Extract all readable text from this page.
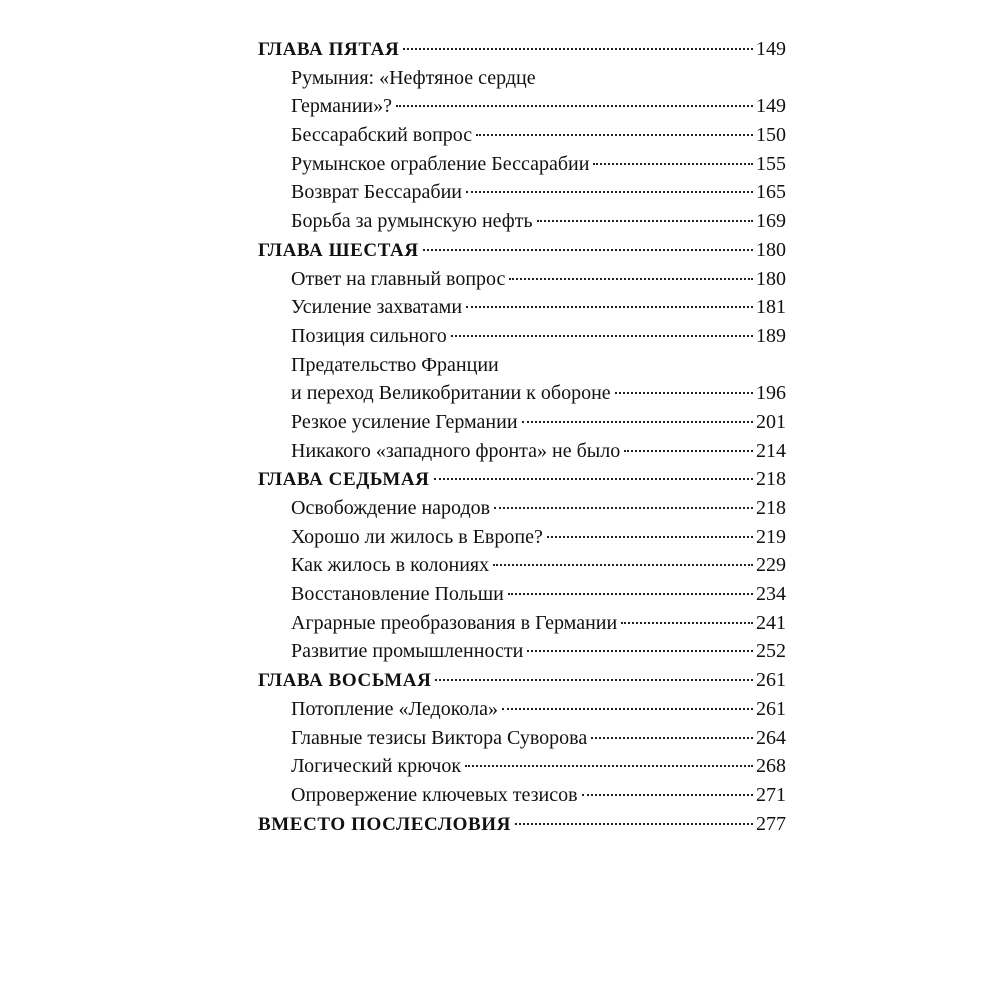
ГЛАВА ПЯТАЯ	149
Румыния: «Нефтяное сердце
Германии»?	149
Бессарабский вопрос	150
Румынское ограбление Бессарабии	155
Возврат Бессарабии	165
Борьба за румынскую нефть	169
ГЛАВА ШЕСТАЯ	180
Ответ на главный вопрос	180
Усиление захватами	181
Позиция сильного	189
Предательство Франции
и переход Великобритании к обороне	196
Резкое усиление Германии	201
Никакого «западного фронта» не было	214
ГЛАВА СЕДЬМАЯ	218
Освобождение народов	218
Хорошо ли жилось в Европе?	219
Как жилось в колониях	229
Восстановление Польши	234
Аграрные преобразования в Германии	241
Развитие промышленности	252
ГЛАВА ВОСЬМАЯ	261
Потопление «Ледокола»	261
Главные тезисы Виктора Суворова	264
Логический крючок	268
Опровержение ключевых тезисов	271
ВМЕСТО ПОСЛЕСЛОВИЯ	277
